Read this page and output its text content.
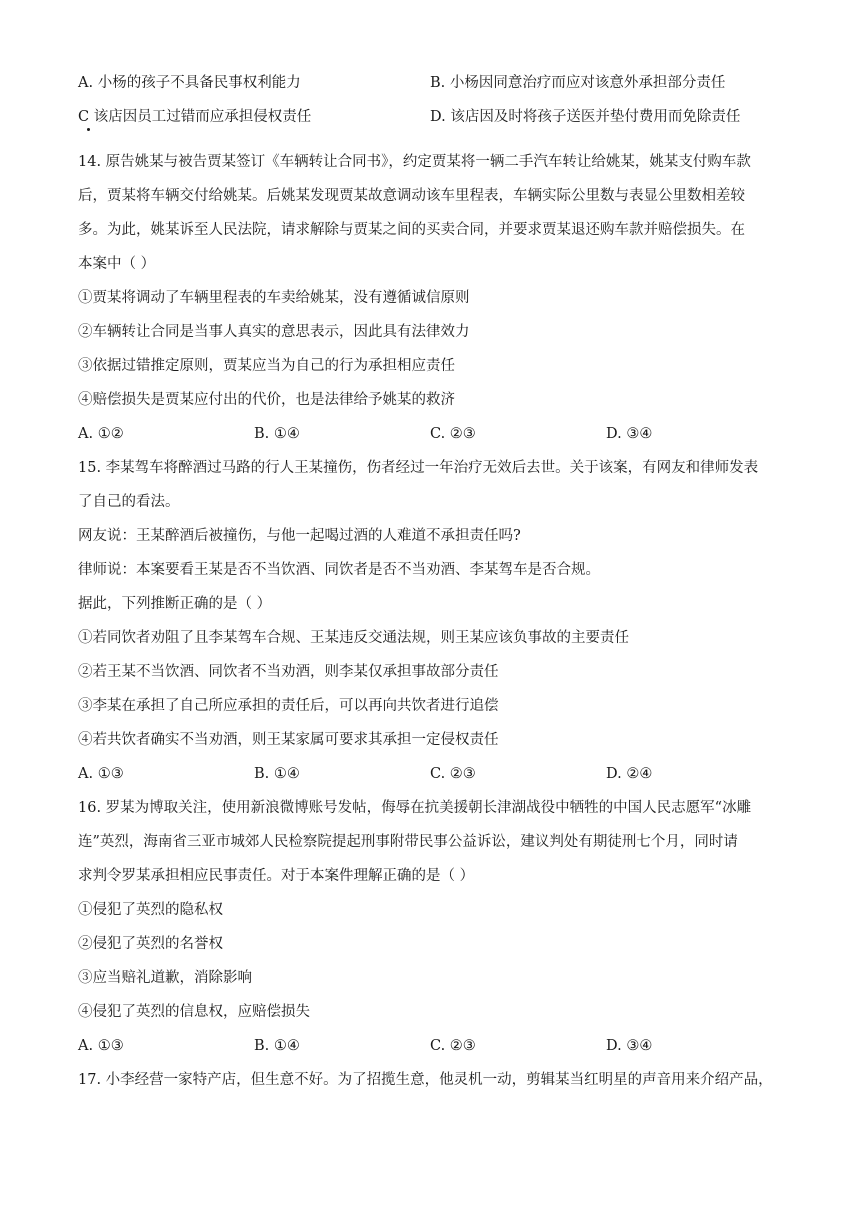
A. 小杨的孩子不具备民事权利能力	B. 小杨因同意治疗而应对该意外承担部分责任
C 该店因员工过错而应承担侵权责任	D. 该店因及时将孩子送医并垫付费用而免除责任
14. 原告姚某与被告贾某签订《车辆转让合同书》，约定贾某将一辆二手汽车转让给姚某，姚某支付购车款
后，贾某将车辆交付给姚某。后姚某发现贾某故意调动该车里程表，车辆实际公里数与表显公里数相差较
多。为此，姚某诉至人民法院，请求解除与贾某之间的买卖合同，并要求贾某退还购车款并赔偿损失。在
本案中（ ）
①贾某将调动了车辆里程表的车卖给姚某，没有遵循诚信原则
②车辆转让合同是当事人真实的意思表示，因此具有法律效力
③依据过错推定原则，贾某应当为自己的行为承担相应责任
④赔偿损失是贾某应付出的代价，也是法律给予姚某的救济
A. ①②	B. ①④	C. ②③	D. ③④
15. 李某驾车将醉酒过马路的行人王某撞伤，伤者经过一年治疗无效后去世。关于该案，有网友和律师发表
了自己的看法。
网友说：王某醉酒后被撞伤，与他一起喝过酒的人难道不承担责任吗?
律师说：本案要看王某是否不当饮酒、同饮者是否不当劝酒、李某驾车是否合规。
据此，下列推断正确的是（ ）
①若同饮者劝阻了且李某驾车合规、王某违反交通法规，则王某应该负事故的主要责任
②若王某不当饮酒、同饮者不当劝酒，则李某仅承担事故部分责任
③李某在承担了自己所应承担的责任后，可以再向共饮者进行追偿
④若共饮者确实不当劝酒，则王某家属可要求其承担一定侵权责任
A. ①③	B. ①④	C. ②③	D. ②④
16. 罗某为博取关注，使用新浪微博账号发帖，侮辱在抗美援朝长津湖战役中牺牲的中国人民志愿军“冰雕
连”英烈，海南省三亚市城郊人民检察院提起刑事附带民事公益诉讼，建议判处有期徒刑七个月，同时请
求判令罗某承担相应民事责任。对于本案件理解正确的是（ ）
①侵犯了英烈的隐私权
②侵犯了英烈的名誉权
③应当赔礼道歉，消除影响
④侵犯了英烈的信息权，应赔偿损失
A. ①③	B. ①④	C. ②③	D. ③④
17. 小李经营一家特产店，但生意不好。为了招揽生意，他灵机一动，剪辑某当红明星的声音用来介绍产品，
